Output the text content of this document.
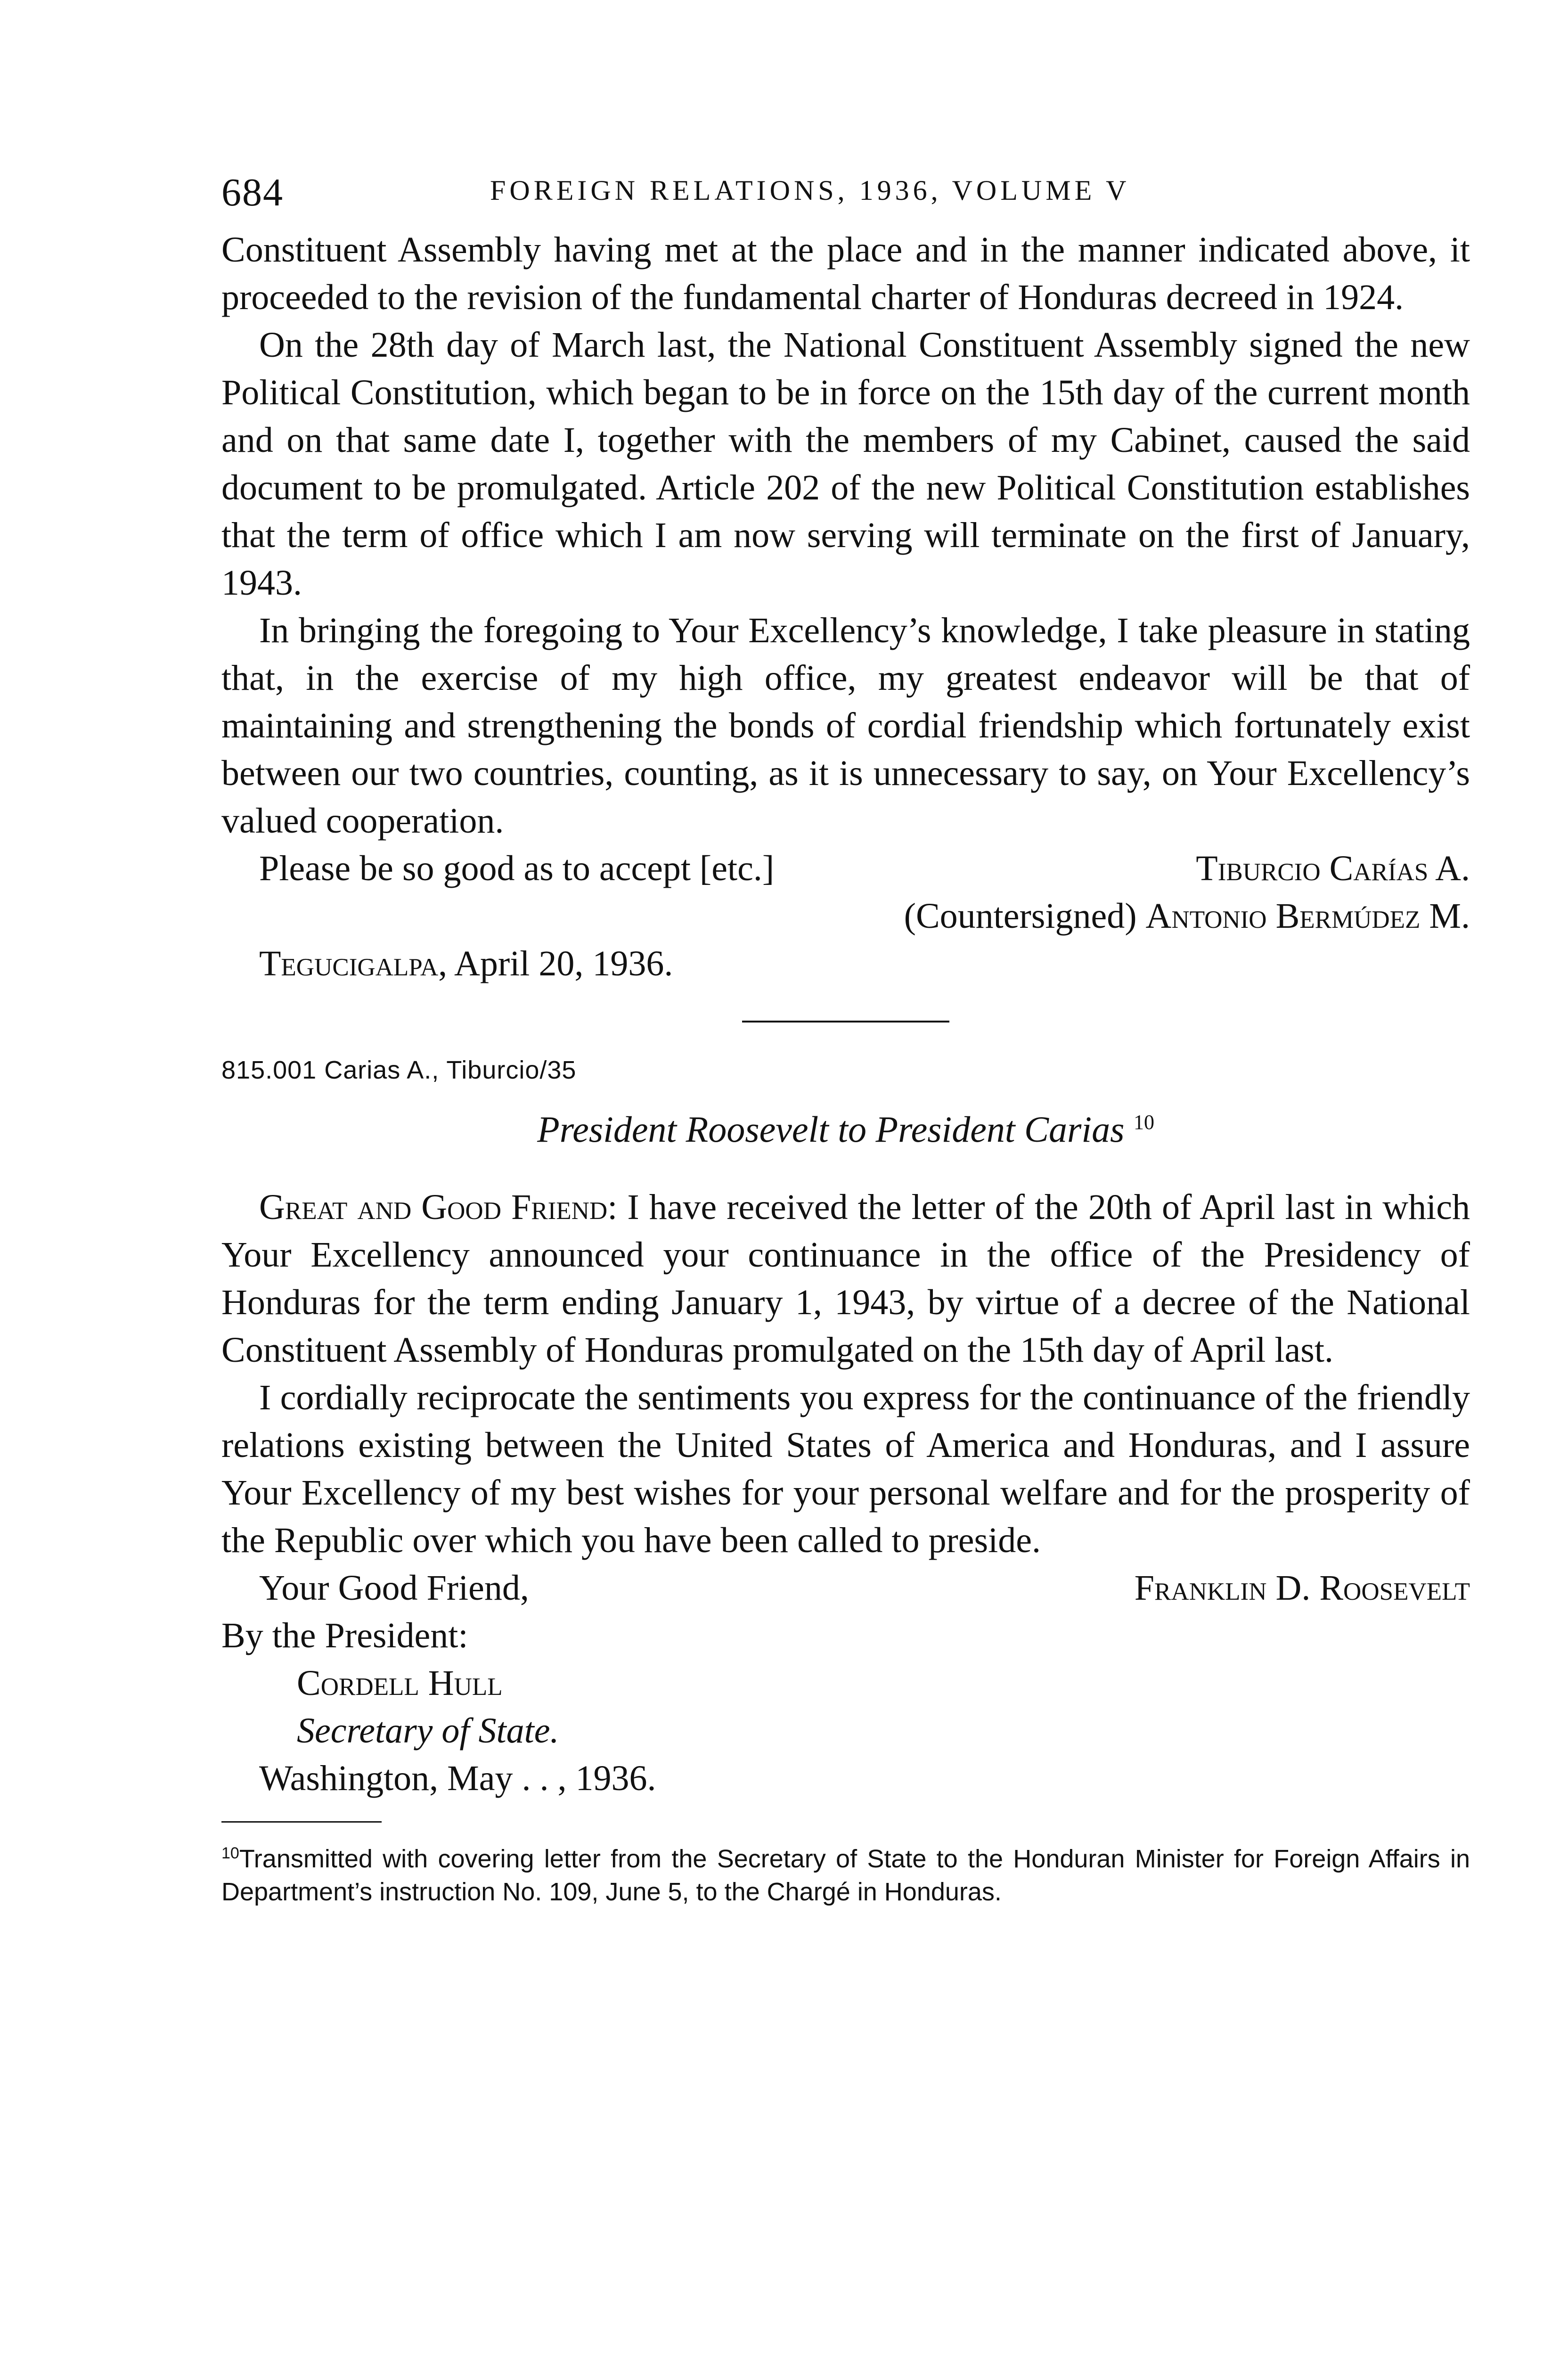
684	FOREIGN RELATIONS, 1936, VOLUME V

Constituent Assembly having met at the place and in the manner indicated above, it proceeded to the revision of the fundamental charter of Honduras decreed in 1924.

On the 28th day of March last, the National Constituent Assembly signed the new Political Constitution, which began to be in force on the 15th day of the current month and on that same date I, together with the members of my Cabinet, caused the said document to be promulgated. Article 202 of the new Political Constitution establishes that the term of office which I am now serving will terminate on the first of January, 1943.

In bringing the foregoing to Your Excellency’s knowledge, I take pleasure in stating that, in the exercise of my high office, my greatest endeavor will be that of maintaining and strengthening the bonds of cordial friendship which fortunately exist between our two countries, counting, as it is unnecessary to say, on Your Excellency’s valued cooperation.

Please be so good as to accept [etc.]	Tiburcio Carías A.
(Countersigned) Antonio Bermúdez M.
Tegucigalpa, April 20, 1936.
815.001 Carias A., Tiburcio/35
President Roosevelt to President Carias $^{10}$

Great and Good Friend: I have received the letter of the 20th of April last in which Your Excellency announced your continuance in the office of the Presidency of Honduras for the term ending January 1, 1943, by virtue of a decree of the National Constituent Assembly of Honduras promulgated on the 15th day of April last.

I cordially reciprocate the sentiments you express for the continuance of the friendly relations existing between the United States of America and Honduras, and I assure Your Excellency of my best wishes for your personal welfare and for the prosperity of the Republic over which you have been called to preside.

Your Good Friend,	Franklin D. Roosevelt
By the President:
Cordell Hull
Secretary of State.
Washington, May . . , 1936.
$^{10}$Transmitted with covering letter from the Secretary of State to the Honduran Minister for Foreign Affairs in Department’s instruction No. 109, June 5, to the Chargé in Honduras.
